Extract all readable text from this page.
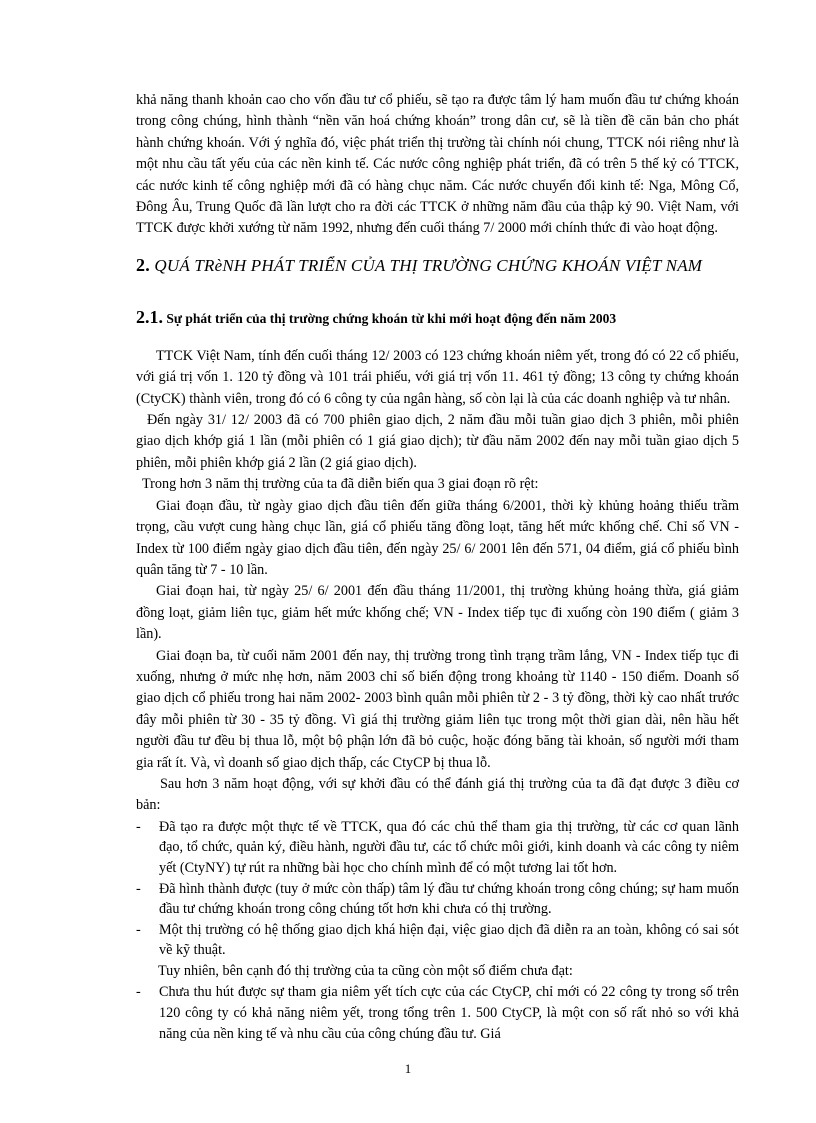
khả năng thanh khoản cao cho vốn đầu tư cổ phiếu, sẽ tạo ra được tâm lý ham muốn đầu tư chứng khoán trong công chúng, hình thành “nền văn hoá chứng khoán” trong dân cư, sẽ là tiền đề căn bản cho phát hành chứng khoán. Với ý nghĩa đó, việc phát triển thị trường tài chính nói chung, TTCK nói riêng như là một nhu cầu tất yếu của các nền kinh tế. Các nước công nghiệp phát triển, đã có trên 5 thế kỷ có TTCK, các nước kinh tế công nghiệp mới đã có hàng chục năm. Các nước chuyển đổi kinh tế: Nga, Mông Cổ, Đông Âu, Trung Quốc đã lần lượt cho ra đời các TTCK ở những năm đầu của thập kỷ 90. Việt Nam, với TTCK được khởi xướng từ năm 1992, nhưng đến cuối tháng 7/ 2000 mới chính thức đi vào hoạt động.

2. QUÁ TRèNH PHÁT TRIỂN CỦA THỊ TRƯỜNG CHỨNG KHOÁN VIỆT NAM
2.1. Sự phát triển của thị trường chứng khoán từ khi mới hoạt động đến năm 2003

TTCK Việt Nam, tính đến cuối tháng 12/ 2003 có 123 chứng khoán niêm yết, trong đó có 22 cổ phiếu, với giá trị vốn 1. 120 tỷ đồng và 101 trái phiếu, với giá trị vốn 11. 461 tỷ đồng; 13 công ty chứng khoán (CtyCK) thành viên, trong đó có 6 công ty của ngân hàng, số còn lại là của các doanh nghiệp và tư nhân.

Đến ngày 31/ 12/ 2003 đã có 700 phiên giao dịch, 2 năm đầu mỗi tuần giao dịch 3 phiên, mỗi phiên giao dịch khớp giá 1 lần (mỗi phiên có 1 giá giao dịch); từ đầu năm 2002 đến nay mỗi tuần giao dịch 5 phiên, mỗi phiên khớp giá 2 lần (2 giá giao dịch).

Trong hơn 3 năm thị trường của ta đã diễn biến qua 3 giai đoạn rõ rệt:

Giai đoạn đầu, từ ngày giao dịch đầu tiên đến giữa tháng 6/2001, thời kỳ khủng hoảng thiếu trầm trọng, cầu vượt cung hàng chục lần, giá cổ phiếu tăng đồng loạt, tăng hết mức khống chế. Chỉ số VN - Index từ 100 điểm ngày giao dịch đầu tiên, đến ngày 25/ 6/ 2001 lên đến 571, 04 điểm, giá cổ phiếu bình quân tăng từ 7 - 10 lần.

Giai đoạn hai, từ ngày 25/ 6/ 2001 đến đầu tháng 11/2001, thị trường khủng hoảng thừa, giá giảm đồng loạt, giảm liên tục, giảm hết mức khống chế; VN - Index tiếp tục đi xuống còn 190 điểm ( giảm 3 lần).

Giai đoạn ba, từ cuối năm 2001 đến nay, thị trường trong tình trạng trầm lắng, VN - Index tiếp tục đi xuống, nhưng ở mức nhẹ hơn, năm 2003 chỉ số biến động trong khoảng từ 1140 - 150 điểm. Doanh số giao dịch cổ phiếu trong hai năm 2002- 2003 bình quân mỗi phiên từ 2 - 3 tỷ đồng, thời kỳ cao nhất trước đây mỗi phiên từ 30 - 35 tỷ đồng. Vì giá thị trường giảm liên tục trong một thời gian dài, nên hầu hết người đầu tư đều bị thua lỗ, một bộ phận lớn đã bỏ cuộc, hoặc đóng băng tài khoản, số người mới tham gia rất ít. Và, vì doanh số giao dịch thấp, các CtyCP bị thua lỗ.

Sau hơn 3 năm hoạt động, với sự khởi đầu có thể đánh giá thị trường của ta đã đạt được 3 điều cơ bản:

-	Đã tạo ra được một thực tế về TTCK, qua đó các chủ thể tham gia thị trường, từ các cơ quan lãnh đạo, tổ chức, quản ký, điều hành, người đầu tư, các tổ chức môi giới, kinh doanh và các công ty niêm yết (CtyNY) tự rút ra những bài học cho chính mình để có một tương lai tốt hơn.
-	Đã hình thành được (tuy ở mức còn thấp) tâm lý đầu tư chứng khoán trong công chúng; sự ham muốn đầu tư chứng khoán trong công chúng tốt hơn khi chưa có thị trường.
-	Một thị trường có hệ thống giao dịch khá hiện đại, việc giao dịch đã diễn ra an toàn, không có sai sót về kỹ thuật.

Tuy nhiên, bên cạnh đó thị trường của ta cũng còn một số điểm chưa đạt:

-	Chưa thu hút được sự tham gia niêm yết tích cực của các CtyCP, chỉ mới có 22 công ty trong số trên 120 công ty có khả năng niêm yết, trong tổng trên 1. 500 CtyCP, là một con số rất nhỏ so với khả năng của nền king tế và nhu cầu của công chúng đầu tư. Giá
1
